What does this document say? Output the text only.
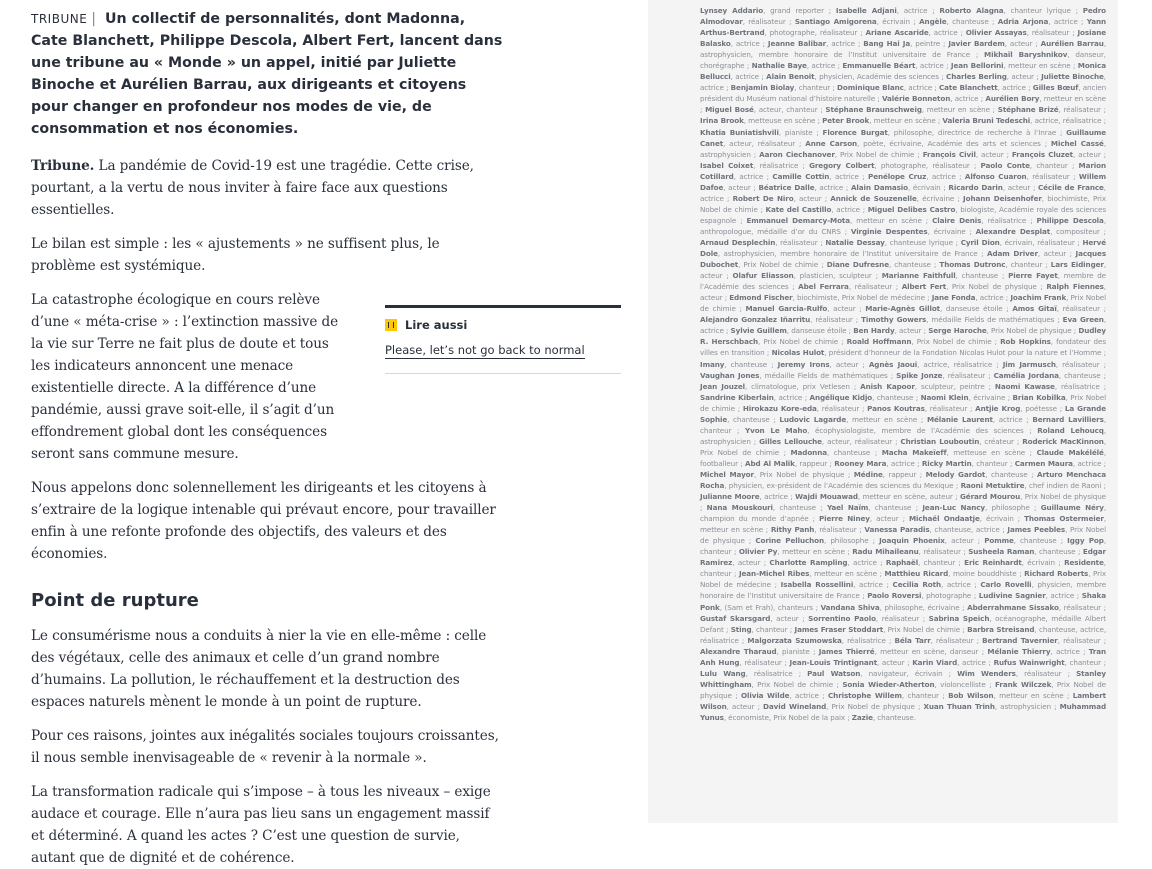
TRIBUNE | Un collectif de personnalités, dont Madonna, Cate Blanchett, Philippe Descola, Albert Fert, lancent dans une tribune au « Monde » un appel, initié par Juliette Binoche et Aurélien Barrau, aux dirigeants et citoyens pour changer en profondeur nos modes de vie, de consommation et nos économies.

Tribune. La pandémie de Covid-19 est une tragédie. Cette crise, pourtant, a la vertu de nous inviter à faire face aux questions essentielles.

Le bilan est simple : les « ajustements » ne suffisent plus, le problème est systémique.

La catastrophe écologique en cours relève d’une « méta-crise » : l’extinction massive de la vie sur Terre ne fait plus de doute et tous les indicateurs annoncent une menace existentielle directe. A la différence d’une pandémie, aussi grave soit-elle, il s’agit d’un effondrement global dont les conséquences seront sans commune mesure.

Lire aussi
Please, let’s not go back to normal

Nous appelons donc solennellement les dirigeants et les citoyens à s’extraire de la logique intenable qui prévaut encore, pour travailler enfin à une refonte profonde des objectifs, des valeurs et des économies.

Point de rupture

Le consumérisme nous a conduits à nier la vie en elle-même : celle des végétaux, celle des animaux et celle d’un grand nombre d’humains. La pollution, le réchauffement et la destruction des espaces naturels mènent le monde à un point de rupture.

Pour ces raisons, jointes aux inégalités sociales toujours croissantes, il nous semble inenvisageable de « revenir à la normale ».

La transformation radicale qui s’impose – à tous les niveaux – exige audace et courage. Elle n’aura pas lieu sans un engagement massif et déterminé. A quand les actes ? C’est une question de survie, autant que de dignité et de cohérence.

Lynsey Addario, grand reporter ; Isabelle Adjani, actrice ; Roberto Alagna, chanteur lyrique ; Pedro Almodovar, réalisateur ; Santiago Amigorena, écrivain ; Angèle, chanteuse ; Adria Arjona, actrice ; Yann Arthus-Bertrand, photographe, réalisateur ; Ariane Ascaride, actrice ; Olivier Assayas, réalisateur ; Josiane Balasko, actrice ; Jeanne Balibar, actrice ; Bang Hai Ja, peintre ; Javier Bardem, acteur ; Aurélien Barrau, astrophysicien, membre honoraire de l’Institut universitaire de France ; Mikhaïl Baryshnikov, danseur, chorégraphe ; Nathalie Baye, actrice ; Emmanuelle Béart, actrice ; Jean Bellorini, metteur en scène ; Monica Bellucci, actrice ; Alain Benoit, physicien, Académie des sciences ; Charles Berling, acteur ; Juliette Binoche, actrice ; Benjamin Biolay, chanteur ; Dominique Blanc, actrice ; Cate Blanchett, actrice ; Gilles Bœuf, ancien président du Muséum national d’histoire naturelle ; Valérie Bonneton, actrice ; Aurélien Bory, metteur en scène ; Miguel Bosé, acteur, chanteur ; Stéphane Braunschweig, metteur en scène ; Stéphane Brizé, réalisateur ; Irina Brook, metteuse en scène ; Peter Brook, metteur en scène ; Valeria Bruni Tedeschi, actrice, réalisatrice ; Khatia Buniatishvili, pianiste ; Florence Burgat, philosophe, directrice de recherche à l’Inrae ; Guillaume Canet, acteur, réalisateur ; Anne Carson, poète, écrivaine, Académie des arts et sciences ; Michel Cassé, astrophysicien ; Aaron Ciechanover, Prix Nobel de chimie ; François Civil, acteur ; François Cluzet, acteur ; Isabel Coixet, réalisatrice ; Gregory Colbert, photographe, réalisateur ; Paolo Conte, chanteur ; Marion Cotillard, actrice ; Camille Cottin, actrice ; Penélope Cruz, actrice ; Alfonso Cuaron, réalisateur ; Willem Dafoe, acteur ; Béatrice Dalle, actrice ; Alain Damasio, écrivain ; Ricardo Darin, acteur ; Cécile de France, actrice ; Robert De Niro, acteur ; Annick de Souzenelle, écrivaine ; Johann Deisenhofer, biochimiste, Prix Nobel de chimie ; Kate del Castillo, actrice ; Miguel Delibes Castro, biologiste, Académie royale des sciences espagnole ; Emmanuel Demarcy-Mota, metteur en scène ; Claire Denis, réalisatrice ; Philippe Descola, anthropologue, médaille d’or du CNRS ; Virginie Despentes, écrivaine ; Alexandre Desplat, compositeur ; Arnaud Desplechin, réalisateur ; Natalie Dessay, chanteuse lyrique ; Cyril Dion, écrivain, réalisateur ; Hervé Dole, astrophysicien, membre honoraire de l’Institut universitaire de France ; Adam Driver, acteur ; Jacques Dubochet, Prix Nobel de chimie ; Diane Dufresne, chanteuse ; Thomas Dutronc, chanteur ; Lars Eidinger, acteur ; Olafur Eliasson, plasticien, sculpteur ; Marianne Faithfull, chanteuse ; Pierre Fayet, membre de l’Académie des sciences ; Abel Ferrara, réalisateur ; Albert Fert, Prix Nobel de physique ; Ralph Fiennes, acteur ; Edmond Fischer, biochimiste, Prix Nobel de médecine ; Jane Fonda, actrice ; Joachim Frank, Prix Nobel de chimie ; Manuel Garcia-Rulfo, acteur ; Marie-Agnès Gillot, danseuse étoile ; Amos Gitaï, réalisateur ; Alejandro Gonzalez Iñarritu, réalisateur ; Timothy Gowers, médaille Fields de mathématiques ; Eva Green, actrice ; Sylvie Guillem, danseuse étoile ; Ben Hardy, acteur ; Serge Haroche, Prix Nobel de physique ; Dudley R. Herschbach, Prix Nobel de chimie ; Roald Hoffmann, Prix Nobel de chimie ; Rob Hopkins, fondateur des villes en transition ; Nicolas Hulot, président d’honneur de la Fondation Nicolas Hulot pour la nature et l’Homme ; Imany, chanteuse ; Jeremy Irons, acteur ; Agnès Jaoui, actrice, réalisatrice ; Jim Jarmusch, réalisateur ; Vaughan Jones, médaille Fields de mathématiques ; Spike Jonze, réalisateur ; Camélia Jordana, chanteuse ; Jean Jouzel, climatologue, prix Vetlesen ; Anish Kapoor, sculpteur, peintre ; Naomi Kawase, réalisatrice ; Sandrine Kiberlain, actrice ; Angélique Kidjo, chanteuse ; Naomi Klein, écrivaine ; Brian Kobilka, Prix Nobel de chimie ; Hirokazu Kore-eda, réalisateur ; Panos Koutras, réalisateur ; Antjie Krog, poétesse ; La Grande Sophie, chanteuse ; Ludovic Lagarde, metteur en scène ; Mélanie Laurent, actrice ; Bernard Lavilliers, chanteur ; Yvon Le Maho, écophysiologiste, membre de l’Académie des sciences ; Roland Lehoucq, astrophysicien ; Gilles Lellouche, acteur, réalisateur ; Christian Louboutin, créateur ; Roderick MacKinnon, Prix Nobel de chimie ; Madonna, chanteuse ; Macha Makeïeff, metteuse en scène ; Claude Makélélé, footballeur ; Abd Al Malik, rappeur ; Rooney Mara, actrice ; Ricky Martin, chanteur ; Carmen Maura, actrice ; Michel Mayor, Prix Nobel de physique ; Médine, rappeur ; Melody Gardot, chanteuse ; Arturo Menchaca Rocha, physicien, ex-président de l’Académie des sciences du Mexique ; Raoni Metuktire, chef indien de Raoni ; Julianne Moore, actrice ; Wajdi Mouawad, metteur en scène, auteur ; Gérard Mourou, Prix Nobel de physique ; Nana Mouskouri, chanteuse ; Yael Naïm, chanteuse ; Jean-Luc Nancy, philosophe ; Guillaume Néry, champion du monde d’apnée ; Pierre Niney, acteur ; Michaël Ondaatje, écrivain ; Thomas Ostermeier, metteur en scène ; Rithy Panh, réalisateur ; Vanessa Paradis, chanteuse, actrice ; James Peebles, Prix Nobel de physique ; Corine Pelluchon, philosophe ; Joaquin Phoenix, acteur ; Pomme, chanteuse ; Iggy Pop, chanteur ; Olivier Py, metteur en scène ; Radu Mihaileanu, réalisateur ; Susheela Raman, chanteuse ; Edgar Ramirez, acteur ; Charlotte Rampling, actrice ; Raphaël, chanteur ; Eric Reinhardt, écrivain ; Residente, chanteur ; Jean-Michel Ribes, metteur en scène ; Matthieu Ricard, moine bouddhiste ; Richard Roberts, Prix Nobel de médecine ; Isabella Rossellini, actrice ; Cecilia Roth, actrice ; Carlo Rovelli, physicien, membre honoraire de l’Institut universitaire de France ; Paolo Roversi, photographe ; Ludivine Sagnier, actrice ; Shaka Ponk, (Sam et Frah), chanteurs ; Vandana Shiva, philosophe, écrivaine ; Abderrahmane Sissako, réalisateur ; Gustaf Skarsgard, acteur ; Sorrentino Paolo, réalisateur ; Sabrina Speich, océanographe, médaille Albert Defant ; Sting, chanteur ; James Fraser Stoddart, Prix Nobel de chimie ; Barbra Streisand, chanteuse, actrice, réalisatrice ; Malgorzata Szumowska, réalisatrice ; Béla Tarr, réalisateur ; Bertrand Tavernier, réalisateur ; Alexandre Tharaud, pianiste ; James Thierré, metteur en scène, danseur ; Mélanie Thierry, actrice ; Tran Anh Hung, réalisateur ; Jean-Louis Trintignant, acteur ; Karin Viard, actrice ; Rufus Wainwright, chanteur ; Lulu Wang, réalisatrice ; Paul Watson, navigateur, écrivain ; Wim Wenders, réalisateur ; Stanley Whittingham, Prix Nobel de chimie ; Sonia Wieder-Atherton, violoncelliste ; Frank Wilczek, Prix Nobel de physique ; Olivia Wilde, actrice ; Christophe Willem, chanteur ; Bob Wilson, metteur en scène ; Lambert Wilson, acteur ; David Wineland, Prix Nobel de physique ; Xuan Thuan Trinh, astrophysicien ; Muhammad Yunus, économiste, Prix Nobel de la paix ; Zazie, chanteuse.
